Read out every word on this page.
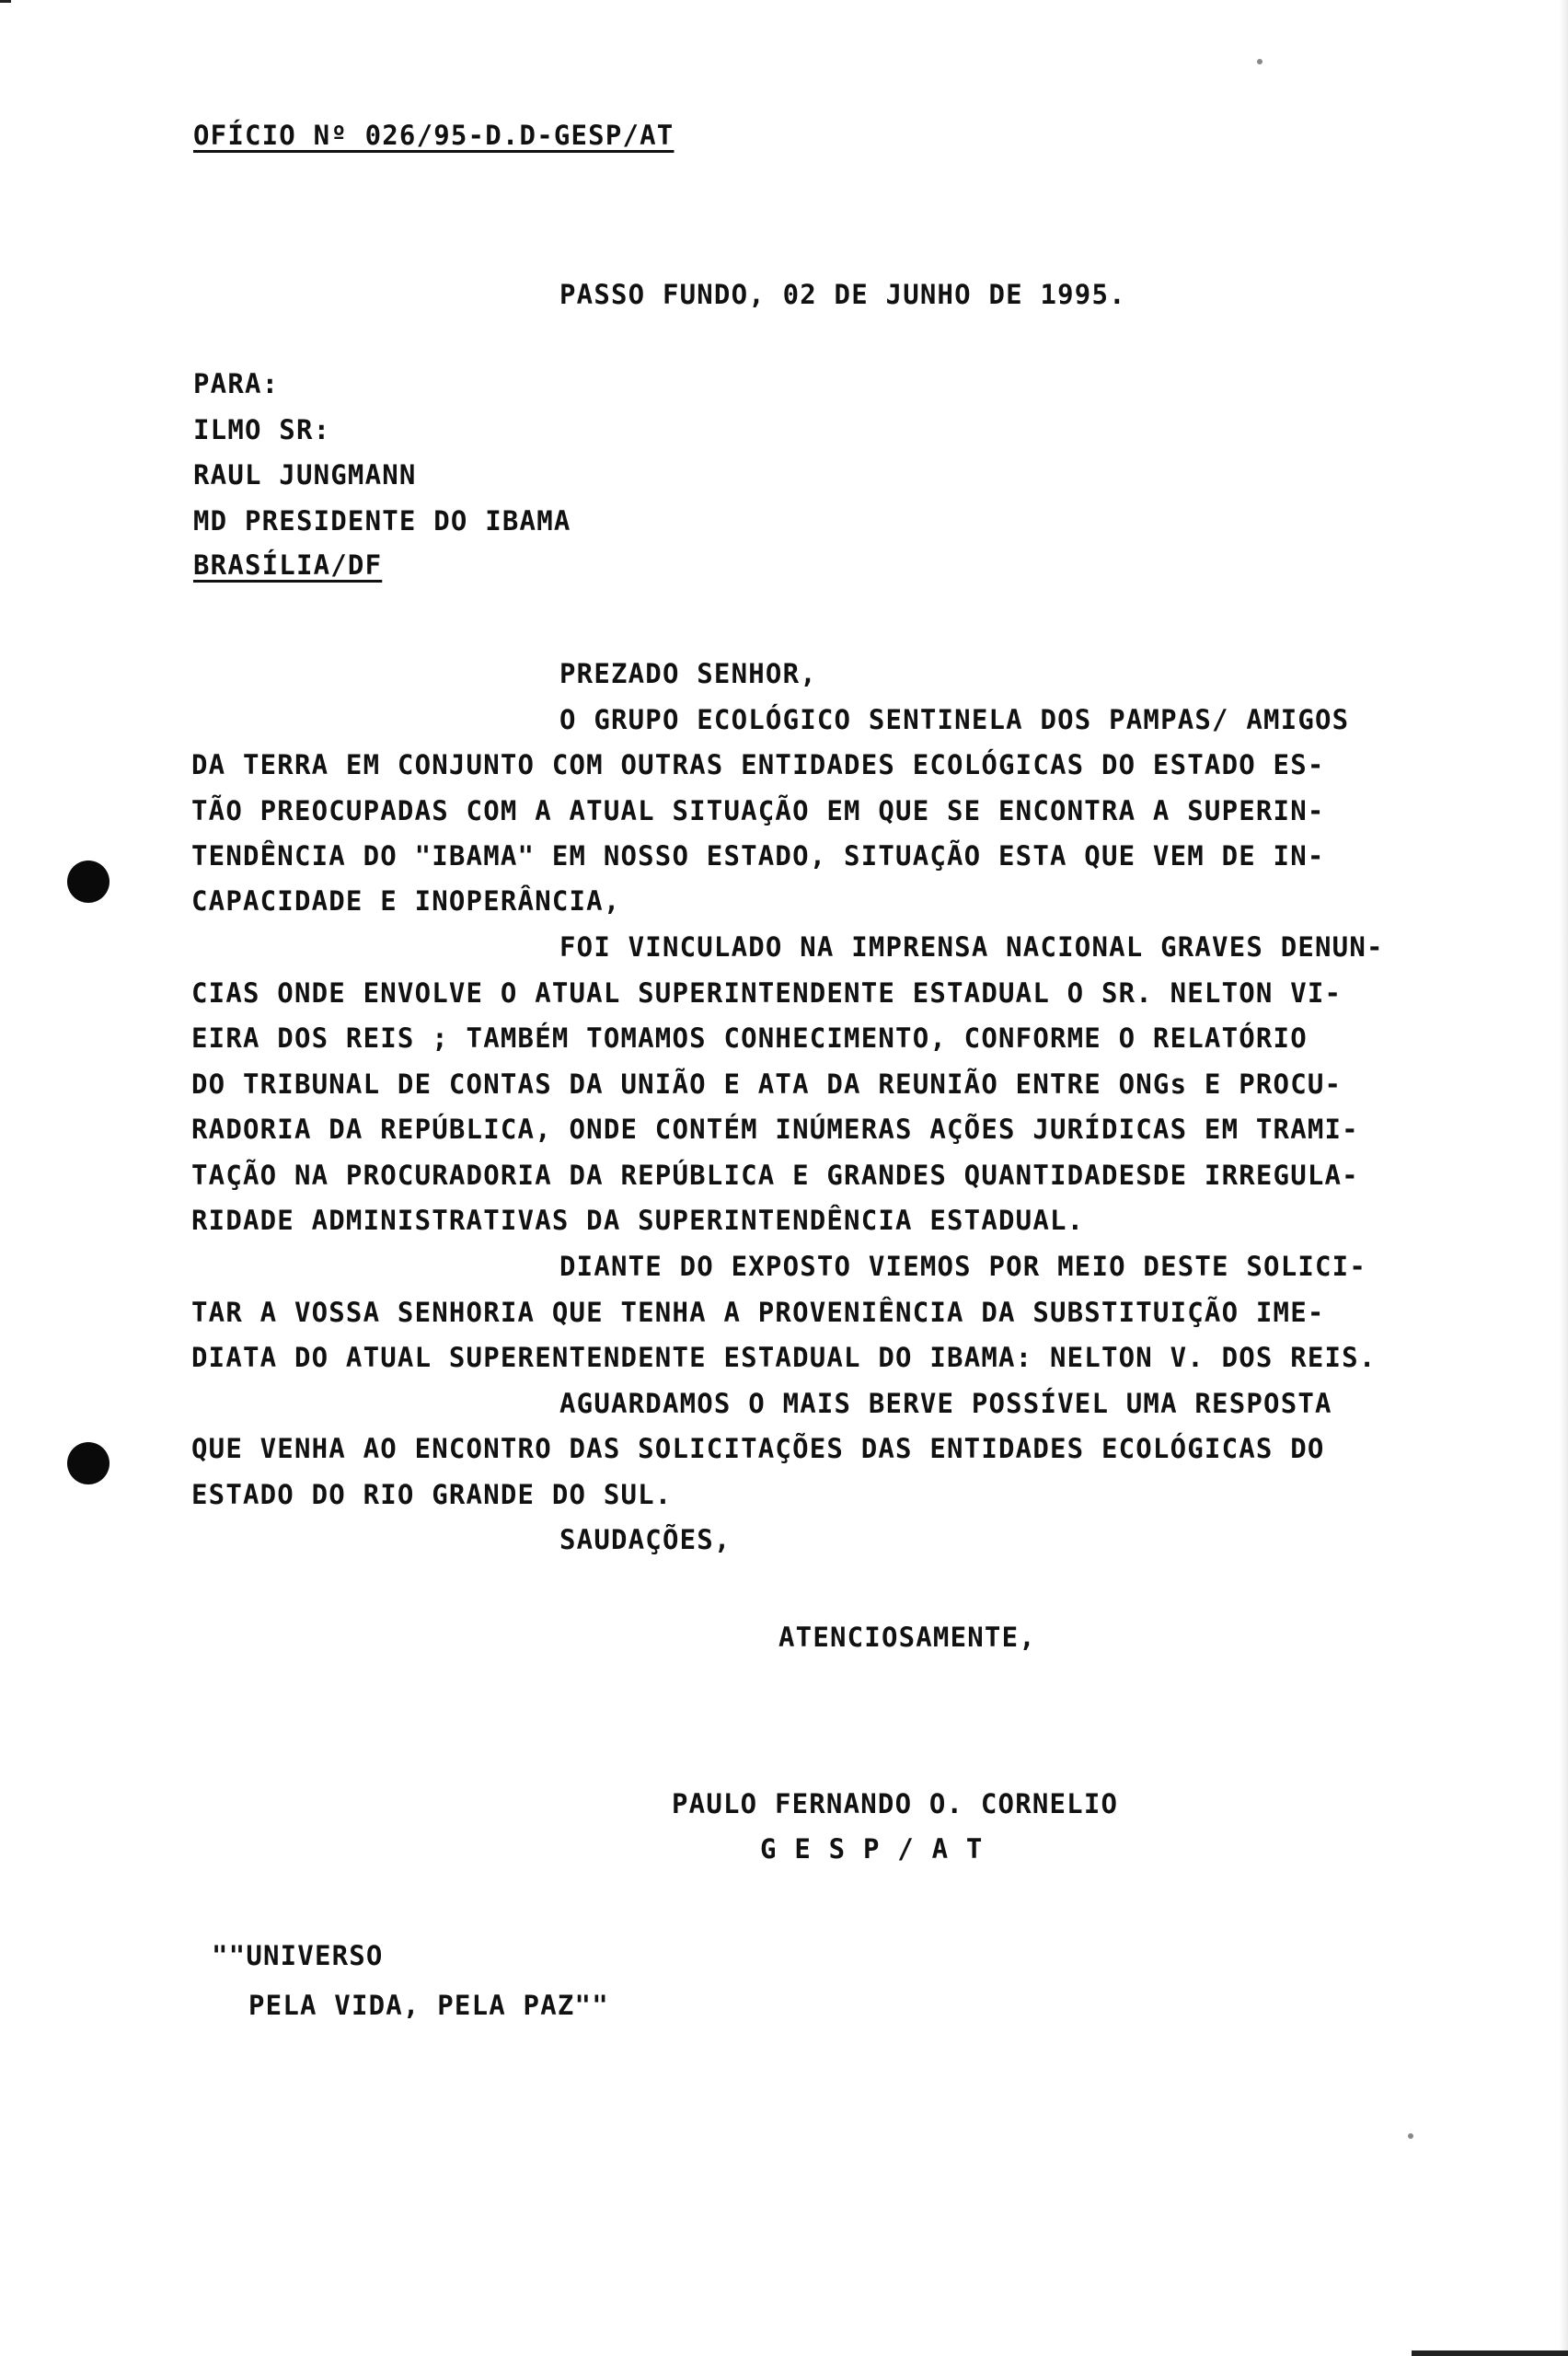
OFÍCIO Nº 026/95-D.D-GESP/AT
PASSO FUNDO, 02 DE JUNHO DE 1995.
PARA:
ILMO SR:
RAUL JUNGMANN
MD PRESIDENTE DO IBAMA
BRASÍLIA/DF
PREZADO SENHOR,
O GRUPO ECOLÓGICO SENTINELA DOS PAMPAS/ AMIGOS
DA TERRA EM CONJUNTO COM OUTRAS ENTIDADES ECOLÓGICAS DO ESTADO ES-
TÃO PREOCUPADAS COM A ATUAL SITUAÇÃO EM QUE SE ENCONTRA A SUPERIN-
TENDÊNCIA DO "IBAMA" EM NOSSO ESTADO, SITUAÇÃO ESTA QUE VEM DE IN-
CAPACIDADE E INOPERÂNCIA,
FOI VINCULADO NA IMPRENSA NACIONAL GRAVES DENUN-
CIAS ONDE ENVOLVE O ATUAL SUPERINTENDENTE ESTADUAL O SR. NELTON VI-
EIRA DOS REIS ; TAMBÉM TOMAMOS CONHECIMENTO, CONFORME O RELATÓRIO
DO TRIBUNAL DE CONTAS DA UNIÃO E ATA DA REUNIÃO ENTRE ONGs E PROCU-
RADORIA DA REPÚBLICA, ONDE CONTÉM INÚMERAS AÇÕES JURÍDICAS EM TRAMI-
TAÇÃO NA PROCURADORIA DA REPÚBLICA E GRANDES QUANTIDADESDE IRREGULA-
RIDADE ADMINISTRATIVAS DA SUPERINTENDÊNCIA ESTADUAL.
DIANTE DO EXPOSTO VIEMOS POR MEIO DESTE SOLICI-
TAR A VOSSA SENHORIA QUE TENHA A PROVENIÊNCIA DA SUBSTITUIÇÃO IME-
DIATA DO ATUAL SUPERENTENDENTE ESTADUAL DO IBAMA: NELTON V. DOS REIS.
AGUARDAMOS O MAIS BERVE POSSÍVEL UMA RESPOSTA
QUE VENHA AO ENCONTRO DAS SOLICITAÇÕES DAS ENTIDADES ECOLÓGICAS DO
ESTADO DO RIO GRANDE DO SUL.
SAUDAÇÕES,
ATENCIOSAMENTE,
PAULO FERNANDO O. CORNELIO
G E S P / A T
""UNIVERSO
PELA VIDA, PELA PAZ""
